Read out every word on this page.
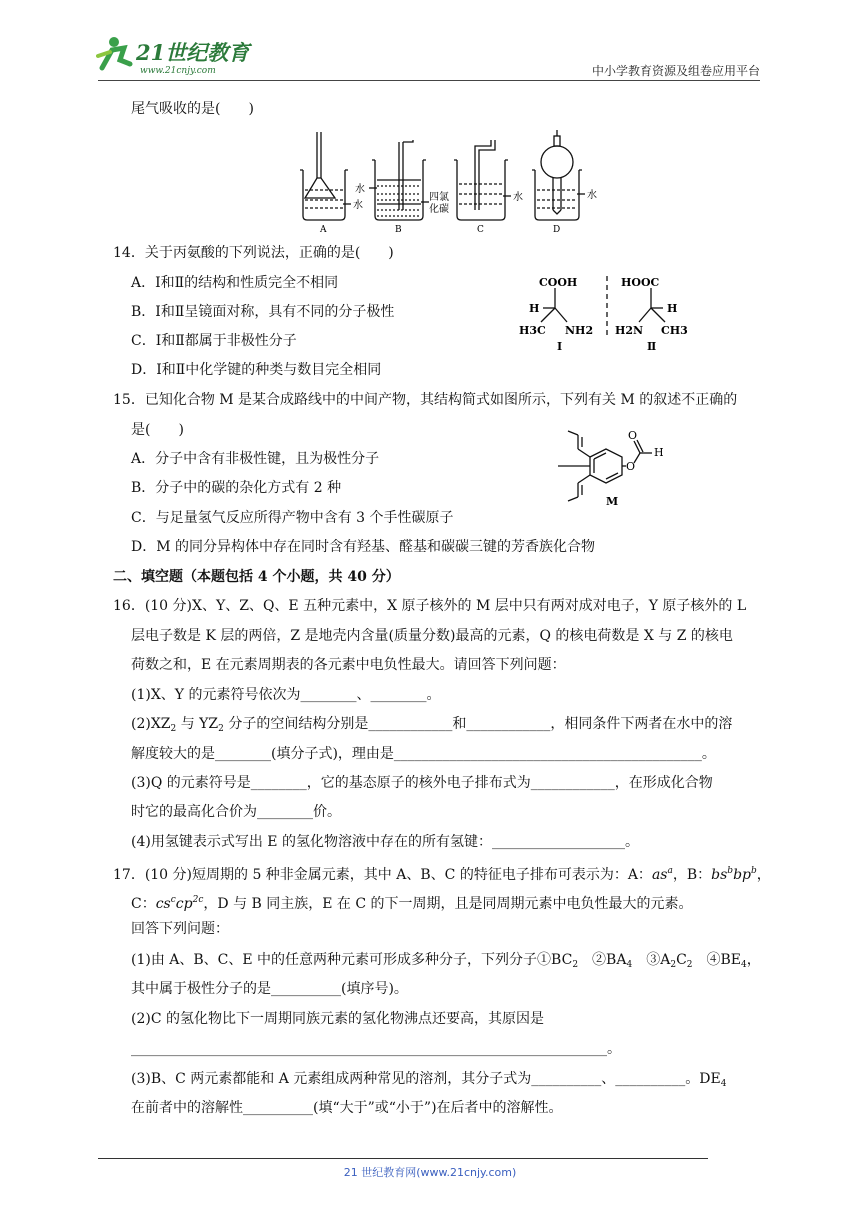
21世纪教育
www.21cnjy.com	中小学教育资源及组卷应用平台
尾气吸收的是(　　)
水
水
四氯
化碳
水	水
A	B	C	D
14．关于丙氨酸的下列说法，正确的是(　　)
A．Ⅰ和Ⅱ的结构和性质完全不相同
B．Ⅰ和Ⅱ呈镜面对称，具有不同的分子极性
C．Ⅰ和Ⅱ都属于非极性分子
D．Ⅰ和Ⅱ中化学键的种类与数目完全相同
COOH
H
H3C NH2
HOOC
H
H2N CH3
Ⅰ	Ⅱ
15．已知化合物 M 是某合成路线中的中间产物，其结构简式如图所示，下列有关 M 的叙述不正确的
是(　　)
A．分子中含有非极性键，且为极性分子
B．分子中的碳的杂化方式有 2 种
C．与足量氢气反应所得产物中含有 3 个手性碳原子
D．M 的同分异构体中存在同时含有羟基、醛基和碳碳三键的芳香族化合物
O
O
H
M
二、填空题（本题包括 4 个小题，共 40 分）
16．(10 分)X、Y、Z、Q、E 五种元素中，X 原子核外的 M 层中只有两对成对电子，Y 原子核外的 L
层电子数是 K 层的两倍，Z 是地壳内含量(质量分数)最高的元素，Q 的核电荷数是 X 与 Z 的核电
荷数之和，E 在元素周期表的各元素中电负性最大。请回答下列问题：
(1)X、Y 的元素符号依次为________、________。
$(2)XZ_2$ 与 $YZ_2$ 分子的空间结构分别是____________和____________，相同条件下两者在水中的溶
解度较大的是________(填分子式)，理由是____________________________________________。
(3)Q 的元素符号是________，它的基态原子的核外电子排布式为____________，在形成化合物
时它的最高化合价为________价。
(4)用氢键表示式写出 E 的氢化物溶液中存在的所有氢键：___________________。
17．(10 分)短周期的 5 种非金属元素，其中 A、B、C 的特征电子排布可表示为：A：$as^a$，B：$bs^bbp^b$，
C：$cs^ccp^{2c}$，D 与 B 同主族，E 在 C 的下一周期，且是同周期元素中电负性最大的元素。
回答下列问题：
(1)由 A、B、C、E 中的任意两种元素可形成多种分子，下列分子$①BC_2$　$②BA_4$　$③A_2C_2$　$④BE_4$，
其中属于极性分子的是__________(填序号)。
(2)C 的氢化物比下一周期同族元素的氢化物沸点还要高，其原因是
____________________________________________________________________。
(3)B、C 两元素都能和 A 元素组成两种常见的溶剂，其分子式为__________、__________。$DE_4$
在前者中的溶解性__________(填“大于”或“小于”)在后者中的溶解性。
21 世纪教育网(www.21cnjy.com)
